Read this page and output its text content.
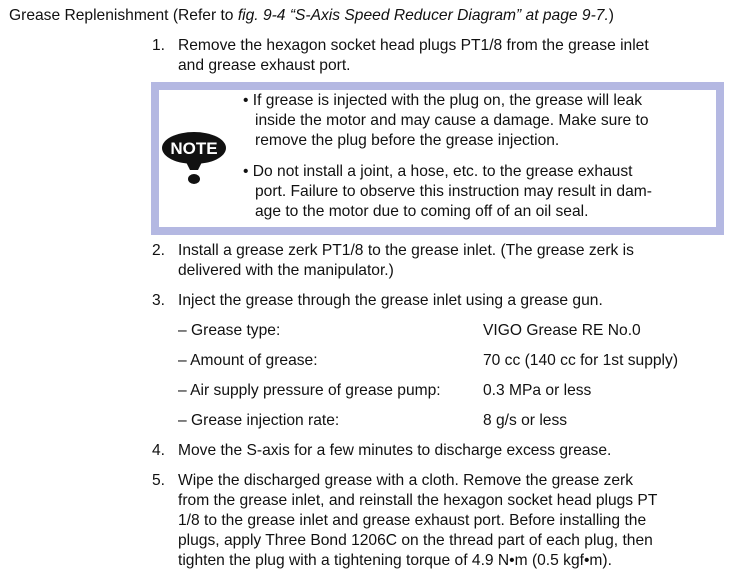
Grease Replenishment (Refer to fig. 9-4 “S-Axis Speed Reducer Diagram” at page 9-7.)
1. Remove the hexagon socket head plugs PT1/8 from the grease inlet
and grease exhaust port.
NOTE
• If grease is injected with the plug on, the grease will leak
inside the motor and may cause a damage. Make sure to
remove the plug before the grease injection.
• Do not install a joint, a hose, etc. to the grease exhaust
port. Failure to observe this instruction may result in dam-
age to the motor due to coming off of an oil seal.
2. Install a grease zerk PT1/8 to the grease inlet. (The grease zerk is
delivered with the manipulator.)
3. Inject the grease through the grease inlet using a grease gun.
– Grease type:	VIGO Grease RE No.0
– Amount of grease:	70 cc (140 cc for 1st supply)
– Air supply pressure of grease pump:	0.3 MPa or less
– Grease injection rate:	8 g/s or less
4. Move the S-axis for a few minutes to discharge excess grease.
5. Wipe the discharged grease with a cloth. Remove the grease zerk
from the grease inlet, and reinstall the hexagon socket head plugs PT
1/8 to the grease inlet and grease exhaust port. Before installing the
plugs, apply Three Bond 1206C on the thread part of each plug, then
tighten the plug with a tightening torque of 4.9 N•m (0.5 kgf•m).
